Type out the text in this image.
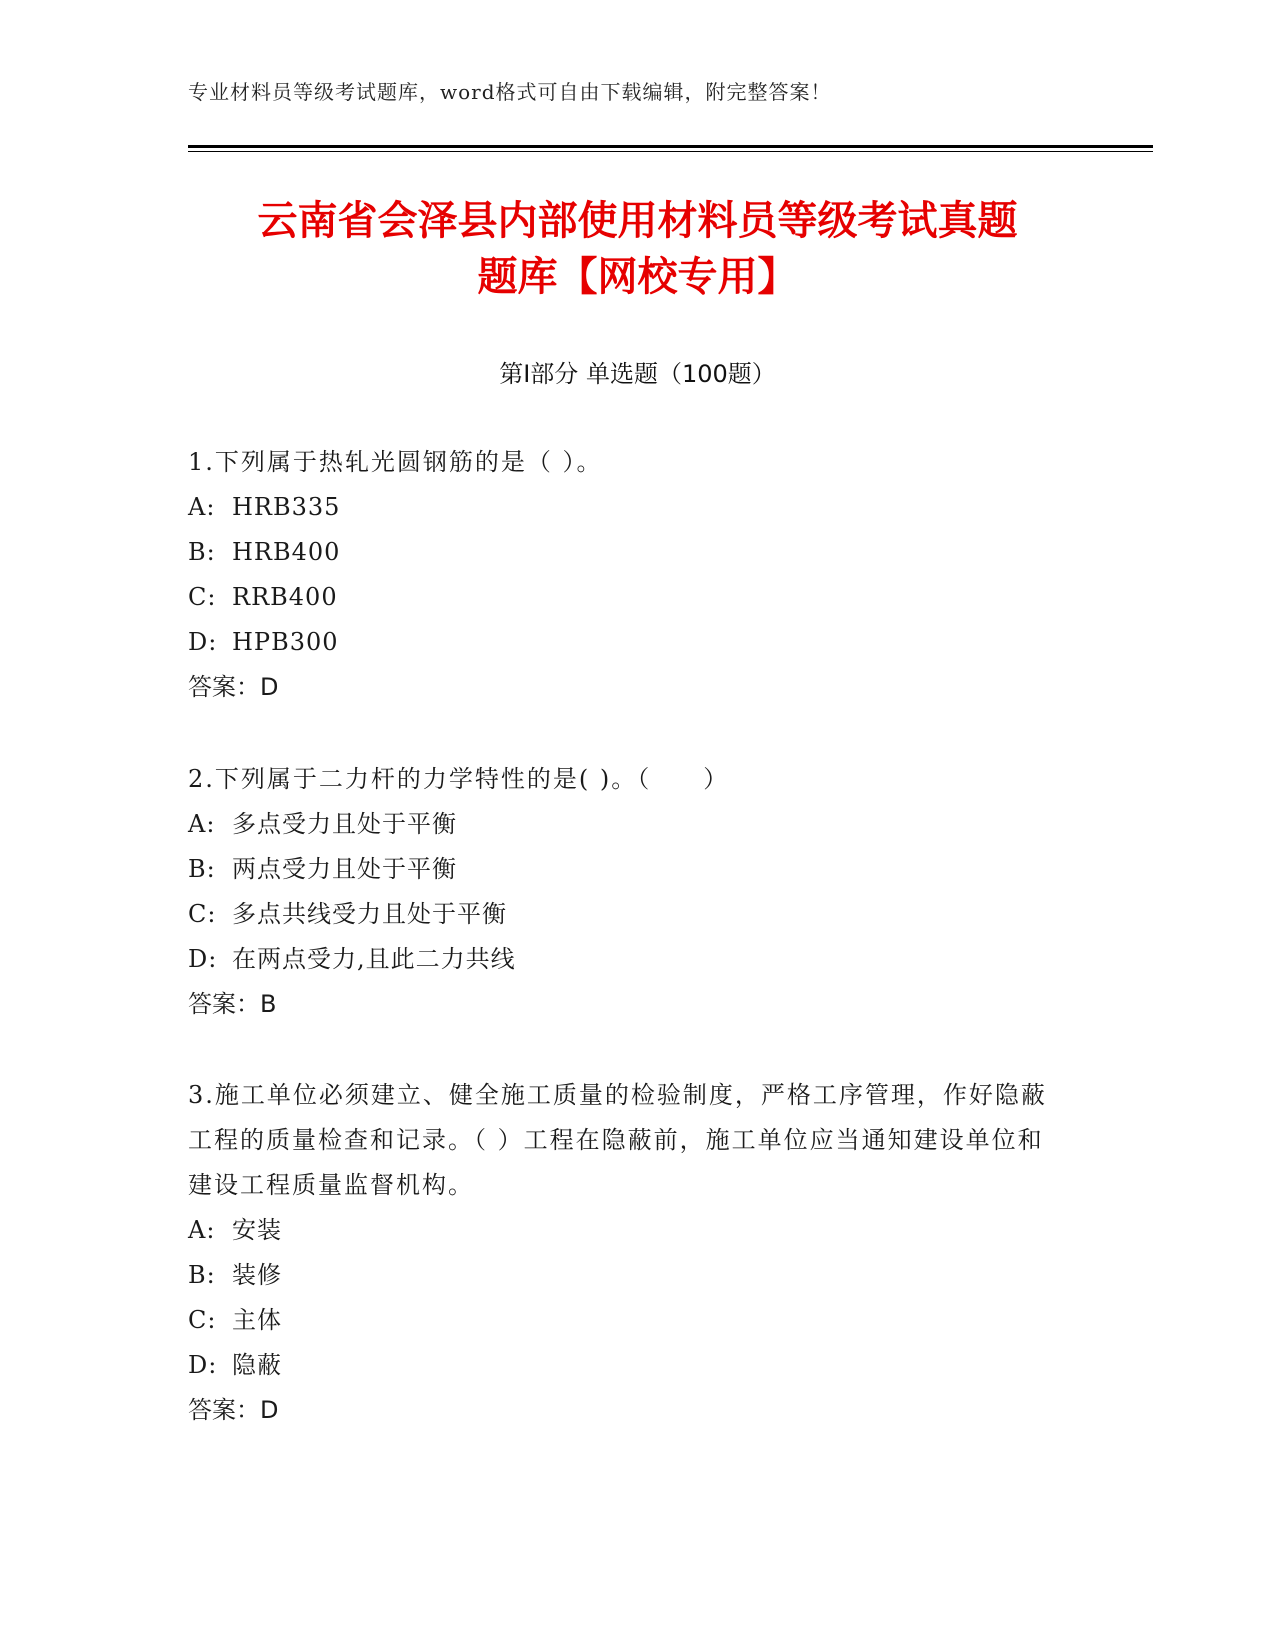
专业材料员等级考试题库，word格式可自由下载编辑，附完整答案！
云南省会泽县内部使用材料员等级考试真题
题库【网校专用】
第Ⅰ部分 单选题（100题）

1.下列属于热轧光圆钢筋的是（ ）。

A: HRB335

B: HRB400

C: RRB400

D: HPB300

答案：D

2.下列属于二力杆的力学特性的是( )。（　　）

A: 多点受力且处于平衡

B: 两点受力且处于平衡

C: 多点共线受力且处于平衡

D: 在两点受力,且此二力共线

答案：B

3.施工单位必须建立、健全施工质量的检验制度，严格工序管理，作好隐蔽工程的质量检查和记录。（ ）工程在隐蔽前，施工单位应当通知建设单位和建设工程质量监督机构。

A: 安装

B: 装修

C: 主体

D: 隐蔽

答案：D
